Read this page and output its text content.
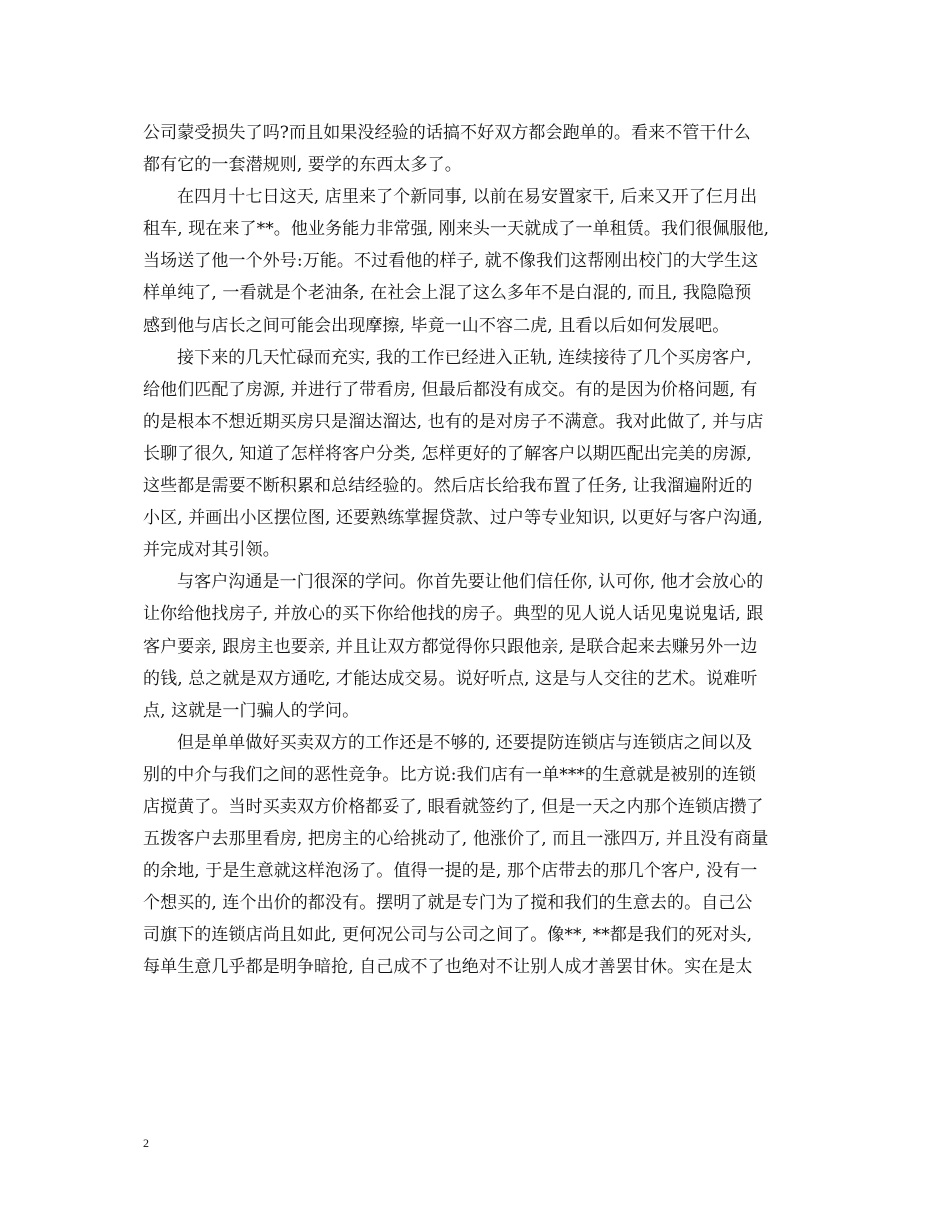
公司蒙受损失了吗?而且如果没经验的话搞不好双方都会跑单的。看来不管干什么
都有它的一套潜规则, 要学的东西太多了。
在四月十七日这天, 店里来了个新同事, 以前在易安置家干, 后来又开了仨月出
租车, 现在来了**。他业务能力非常强, 刚来头一天就成了一单租赁。我们很佩服他,
当场送了他一个外号:万能。不过看他的样子, 就不像我们这帮刚出校门的大学生这
样单纯了, 一看就是个老油条, 在社会上混了这么多年不是白混的, 而且, 我隐隐预
感到他与店长之间可能会出现摩擦, 毕竟一山不容二虎, 且看以后如何发展吧。
接下来的几天忙碌而充实, 我的工作已经进入正轨, 连续接待了几个买房客户,
给他们匹配了房源, 并进行了带看房, 但最后都没有成交。有的是因为价格问题, 有
的是根本不想近期买房只是溜达溜达, 也有的是对房子不满意。我对此做了, 并与店
长聊了很久, 知道了怎样将客户分类, 怎样更好的了解客户以期匹配出完美的房源,
这些都是需要不断积累和总结经验的。然后店长给我布置了任务, 让我溜遍附近的
小区, 并画出小区摆位图, 还要熟练掌握贷款、过户等专业知识, 以更好与客户沟通,
并完成对其引领。
与客户沟通是一门很深的学问。你首先要让他们信任你, 认可你, 他才会放心的
让你给他找房子, 并放心的买下你给他找的房子。典型的见人说人话见鬼说鬼话, 跟
客户要亲, 跟房主也要亲, 并且让双方都觉得你只跟他亲, 是联合起来去赚另外一边
的钱, 总之就是双方通吃, 才能达成交易。说好听点, 这是与人交往的艺术。说难听
点, 这就是一门骗人的学问。
但是单单做好买卖双方的工作还是不够的, 还要提防连锁店与连锁店之间以及
别的中介与我们之间的恶性竞争。比方说:我们店有一单***的生意就是被别的连锁
店搅黄了。当时买卖双方价格都妥了, 眼看就签约了, 但是一天之内那个连锁店攒了
五拨客户去那里看房, 把房主的心给挑动了, 他涨价了, 而且一涨四万, 并且没有商量
的余地, 于是生意就这样泡汤了。值得一提的是, 那个店带去的那几个客户, 没有一
个想买的, 连个出价的都没有。摆明了就是专门为了搅和我们的生意去的。自己公
司旗下的连锁店尚且如此, 更何况公司与公司之间了。像**, **都是我们的死对头,
每单生意几乎都是明争暗抢, 自己成不了也绝对不让别人成才善罢甘休。实在是太
2
